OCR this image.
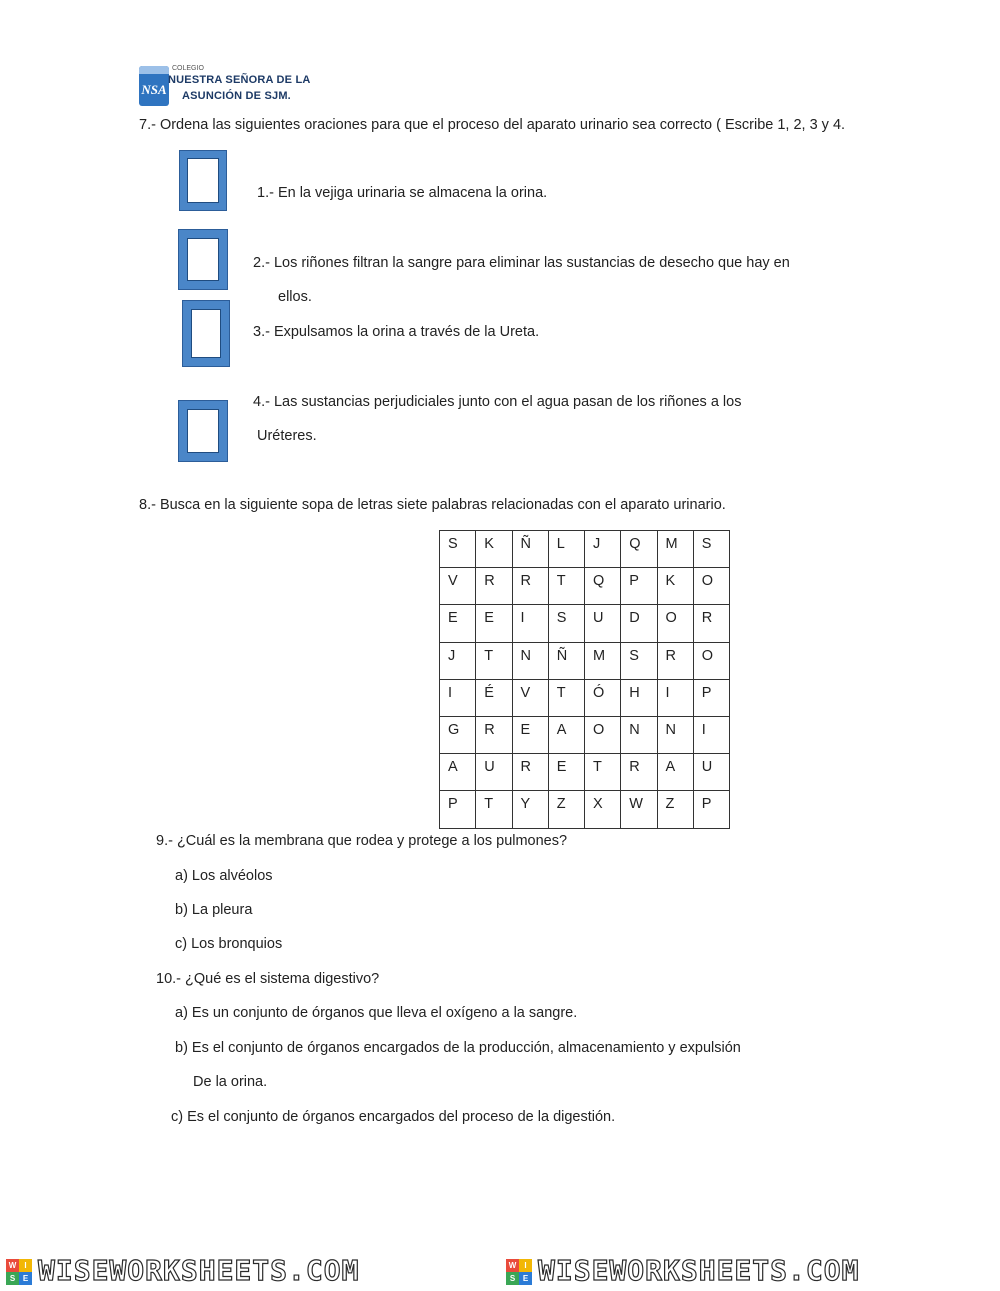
NSA
COLEGIO
NUESTRA SEÑORA DE LA
ASUNCIÓN DE SJM.
7.- Ordena las siguientes oraciones para que el proceso del aparato urinario sea correcto ( Escribe 1, 2, 3 y 4.
1.- En la vejiga urinaria se almacena la orina.
2.- Los riñones filtran la sangre para eliminar las sustancias de desecho que hay en
ellos.
3.- Expulsamos la orina a través de la Ureta.
4.- Las sustancias perjudiciales junto con el agua pasan de los riñones a los
Uréteres.
8.- Busca en la siguiente sopa de letras siete palabras relacionadas con el aparato urinario.
S	K	Ñ	L	J	Q	M	S
V	R	R	T	Q	P	K	O
E	E	I	S	U	D	O	R
J	T	N	Ñ	M	S	R	O
I	É	V	T	Ó	H	I	P
G	R	E	A	O	N	N	I
A	U	R	E	T	R	A	U
P	T	Y	Z	X	W	Z	P
9.- ¿Cuál es la membrana que rodea y protege a los pulmones?
a) Los alvéolos
b) La pleura
c) Los bronquios
10.- ¿Qué es el sistema digestivo?
a) Es un conjunto de órganos que lleva el oxígeno a la sangre.
b) Es el conjunto de órganos encargados de la producción, almacenamiento y expulsión
De la orina.
c) Es el conjunto de órganos encargados del proceso de la digestión.
W	I
S E WISEWORKSHEETS.COM	W	I
S E WISEWORKSHEETS.COM
